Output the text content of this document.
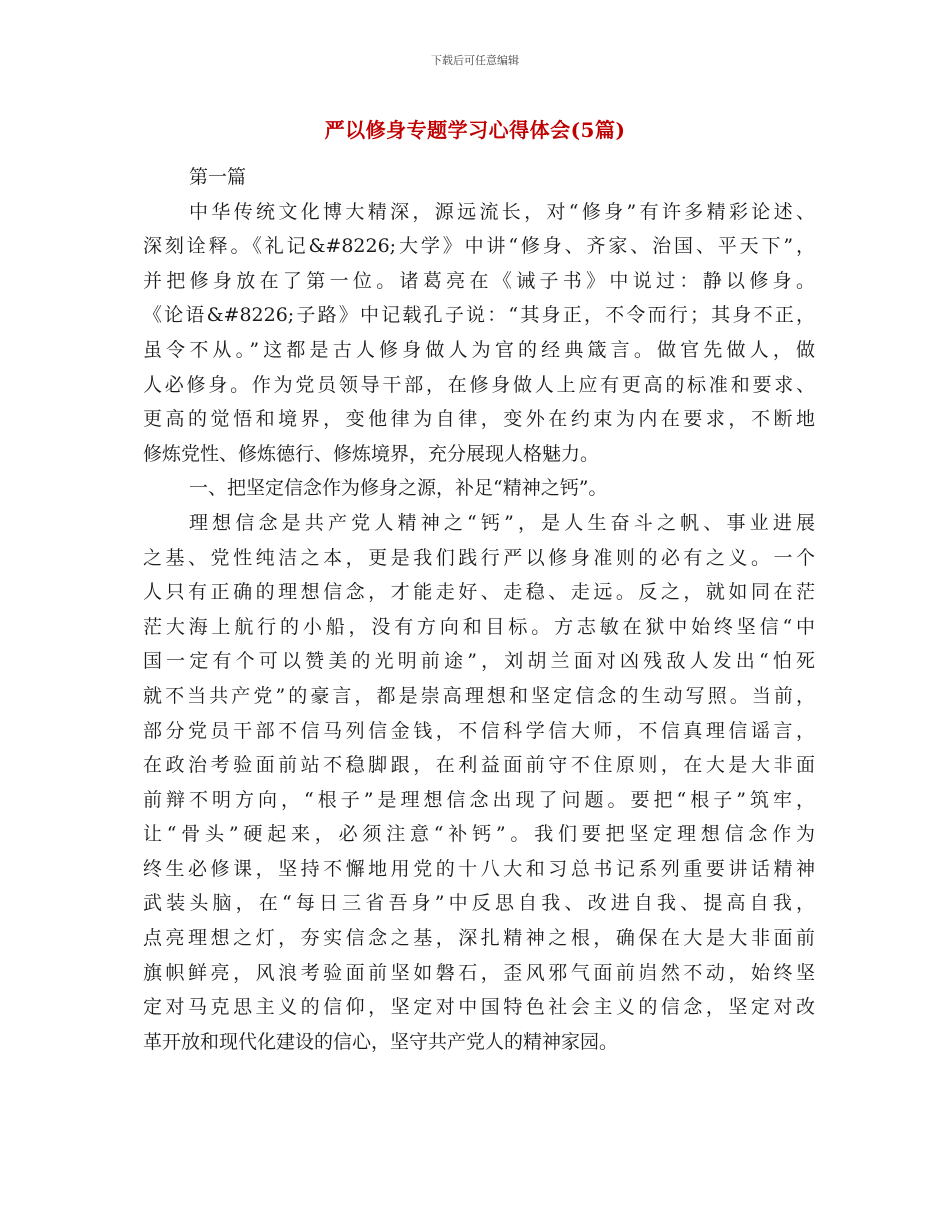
下载后可任意编辑
严以修身专题学习心得体会(5篇)
第一篇
中华传统文化博大精深，源远流长，对“修身”有许多精彩论述、
深刻诠释。《礼记&#8226;大学》中讲“修身、齐家、治国、平天下”，
并把修身放在了第一位。诸葛亮在《诫子书》中说过：静以修身。
《论语&#8226;子路》中记载孔子说：“其身正，不令而行；其身不正，
虽令不从。”这都是古人修身做人为官的经典箴言。做官先做人，做
人必修身。作为党员领导干部，在修身做人上应有更高的标准和要求、
更高的觉悟和境界，变他律为自律，变外在约束为内在要求，不断地
修炼党性、修炼德行、修炼境界，充分展现人格魅力。
一、把坚定信念作为修身之源，补足“精神之钙”。
理想信念是共产党人精神之“钙”，是人生奋斗之帆、事业进展
之基、党性纯洁之本，更是我们践行严以修身准则的必有之义。一个
人只有正确的理想信念，才能走好、走稳、走远。反之，就如同在茫
茫大海上航行的小船，没有方向和目标。方志敏在狱中始终坚信“中
国一定有个可以赞美的光明前途”，刘胡兰面对凶残敌人发出“怕死
就不当共产党”的豪言，都是崇高理想和坚定信念的生动写照。当前，
部分党员干部不信马列信金钱，不信科学信大师，不信真理信谣言，
在政治考验面前站不稳脚跟，在利益面前守不住原则，在大是大非面
前辩不明方向，“根子”是理想信念出现了问题。要把“根子”筑牢，
让“骨头”硬起来，必须注意“补钙”。我们要把坚定理想信念作为
终生必修课，坚持不懈地用党的十八大和习总书记系列重要讲话精神
武装头脑，在“每日三省吾身”中反思自我、改进自我、提高自我，
点亮理想之灯，夯实信念之基，深扎精神之根，确保在大是大非面前
旗帜鲜亮，风浪考验面前坚如磐石，歪风邪气面前岿然不动，始终坚
定对马克思主义的信仰，坚定对中国特色社会主义的信念，坚定对改
革开放和现代化建设的信心，坚守共产党人的精神家园。
